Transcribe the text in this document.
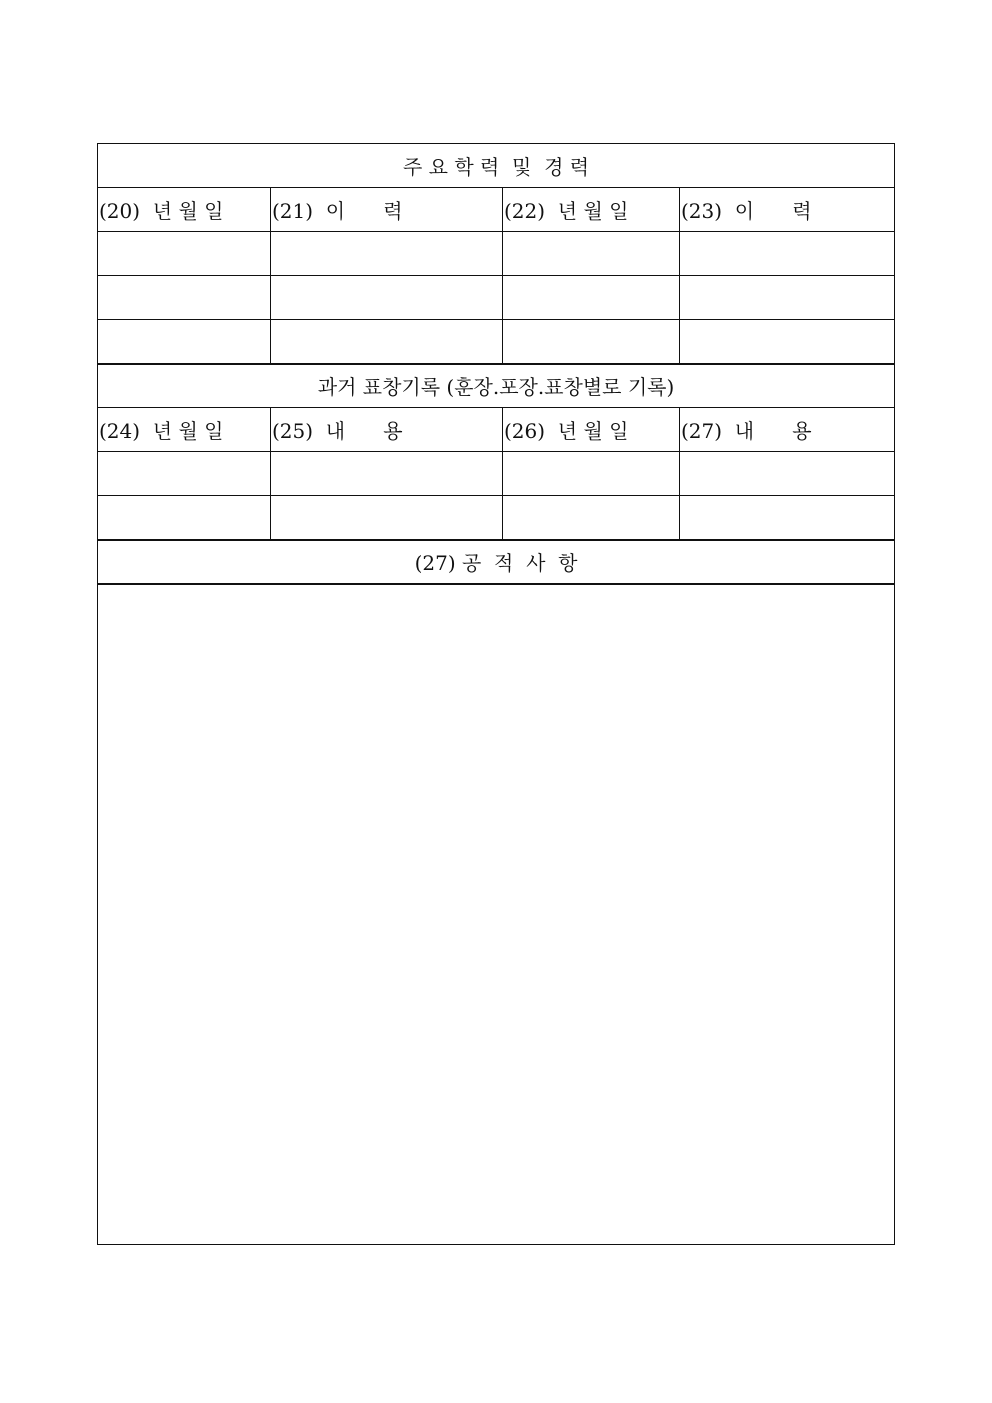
주 요 학 력  및  경 력			
(20)  년 월 일	(21)  이      력	(22)  년 월 일	(23)  이      력

과거 표창기록 (훈장.포장.표창별로 기록)			
(24)  년 월 일	(25)  내      용	(26)  년 월 일	(27)  내      용

(27) 공  적  사  항			
